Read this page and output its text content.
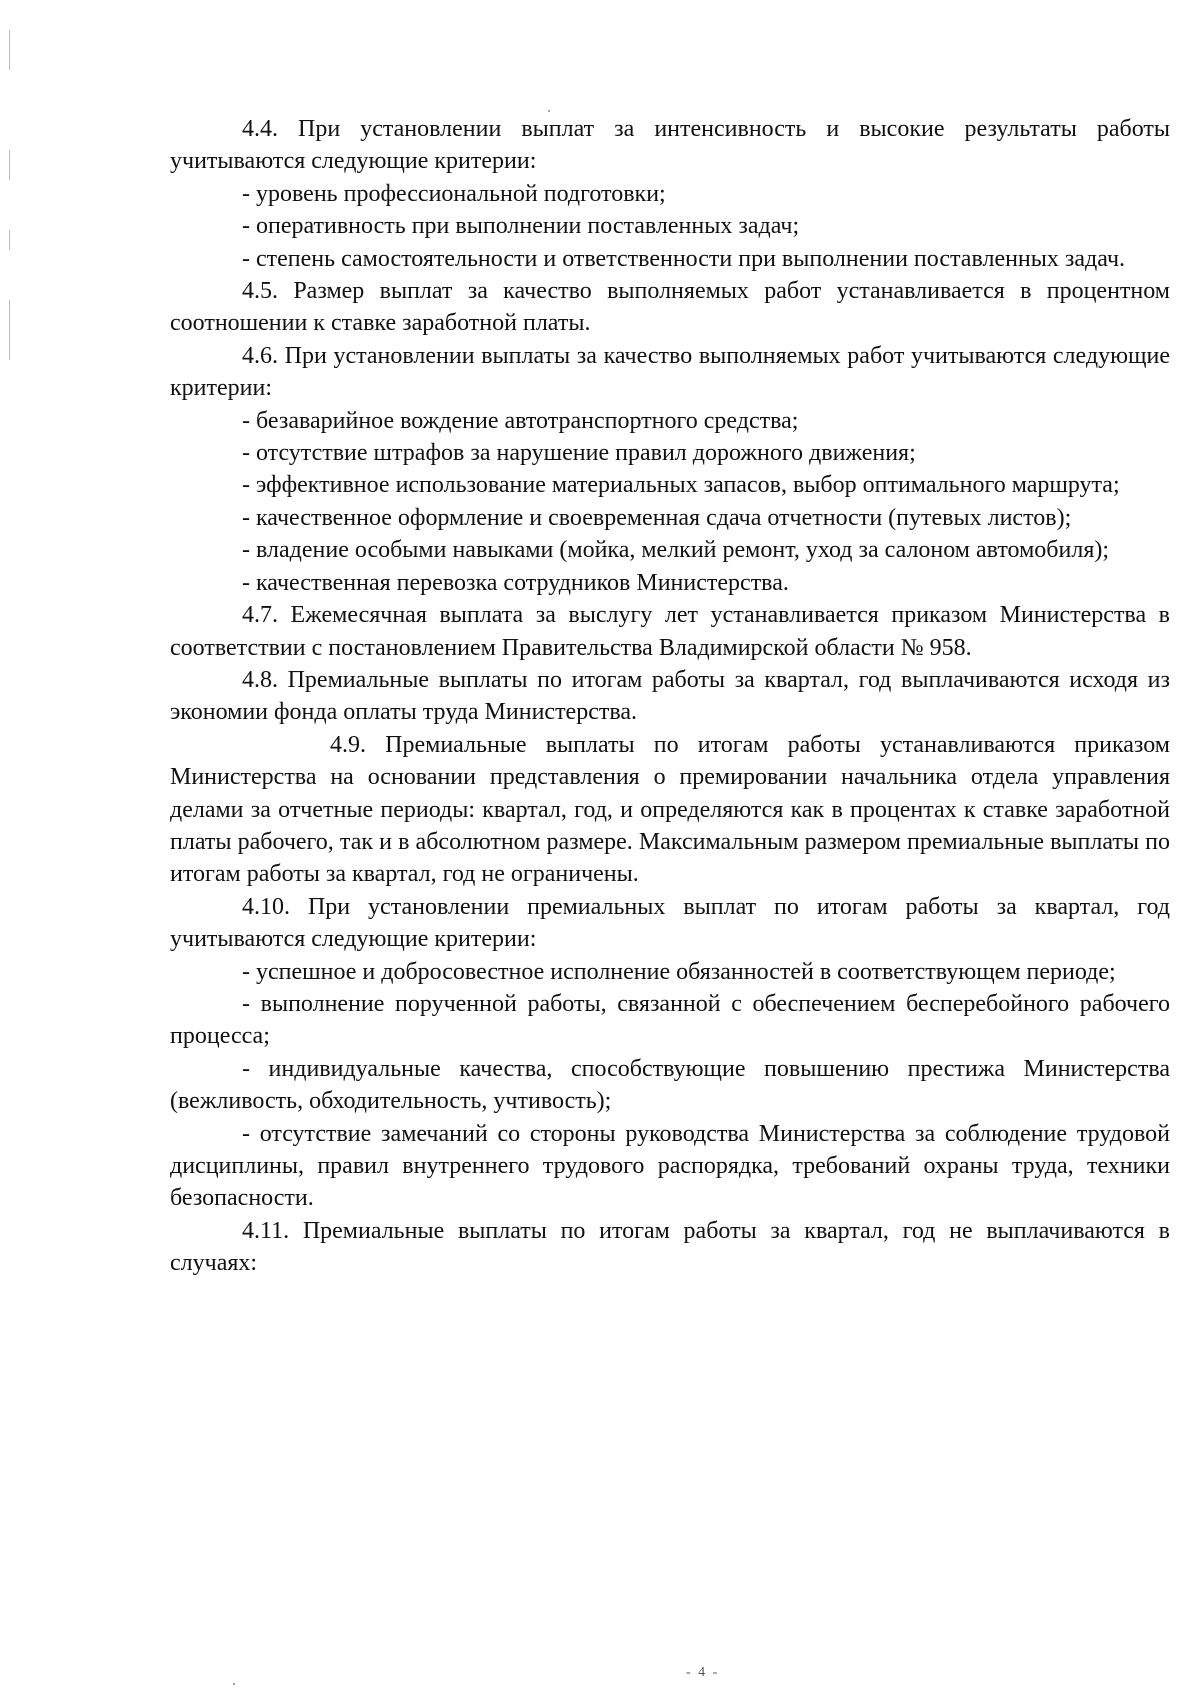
4.4. При установлении выплат за интенсивность и высокие результаты работы учитываются следующие критерии:

- уровень профессиональной подготовки;

- оперативность при выполнении поставленных задач;

- степень самостоятельности и ответственности при выполнении поставленных задач.

4.5. Размер выплат за качество выполняемых работ устанавливается в процентном соотношении к ставке заработной платы.

4.6. При установлении выплаты за качество выполняемых работ учитываются следующие критерии:

- безаварийное вождение автотранспортного средства;

- отсутствие штрафов за нарушение правил дорожного движения;

- эффективное использование материальных запасов, выбор оптимального маршрута;

- качественное оформление и своевременная сдача отчетности (путевых листов);

- владение особыми навыками (мойка, мелкий ремонт, уход за салоном автомобиля);

- качественная перевозка сотрудников Министерства.

4.7. Ежемесячная выплата за выслугу лет устанавливается приказом Министерства в соответствии с постановлением Правительства Владимирской области № 958.

4.8. Премиальные выплаты по итогам работы за квартал, год выплачиваются исходя из экономии фонда оплаты труда Министерства.

4.9. Премиальные выплаты по итогам работы устанавливаются приказом Министерства на основании представления о премировании начальника отдела управления делами за отчетные периоды: квартал, год, и определяются как в процентах к ставке заработной платы рабочего, так и в абсолютном размере. Максимальным размером премиальные выплаты по итогам работы за квартал, год не ограничены.

4.10. При установлении премиальных выплат по итогам работы за квартал, год учитываются следующие критерии:

- успешное и добросовестное исполнение обязанностей в соответствующем периоде;

- выполнение порученной работы, связанной с обеспечением бесперебойного рабочего процесса;

- индивидуальные качества, способствующие повышению престижа Министерства (вежливость, обходительность, учтивость);

- отсутствие замечаний со стороны руководства Министерства за соблюдение трудовой дисциплины, правил внутреннего трудового распорядка, требований охраны труда, техники безопасности.

4.11. Премиальные выплаты по итогам работы за квартал, год не выплачиваются в случаях:

- 4 -
